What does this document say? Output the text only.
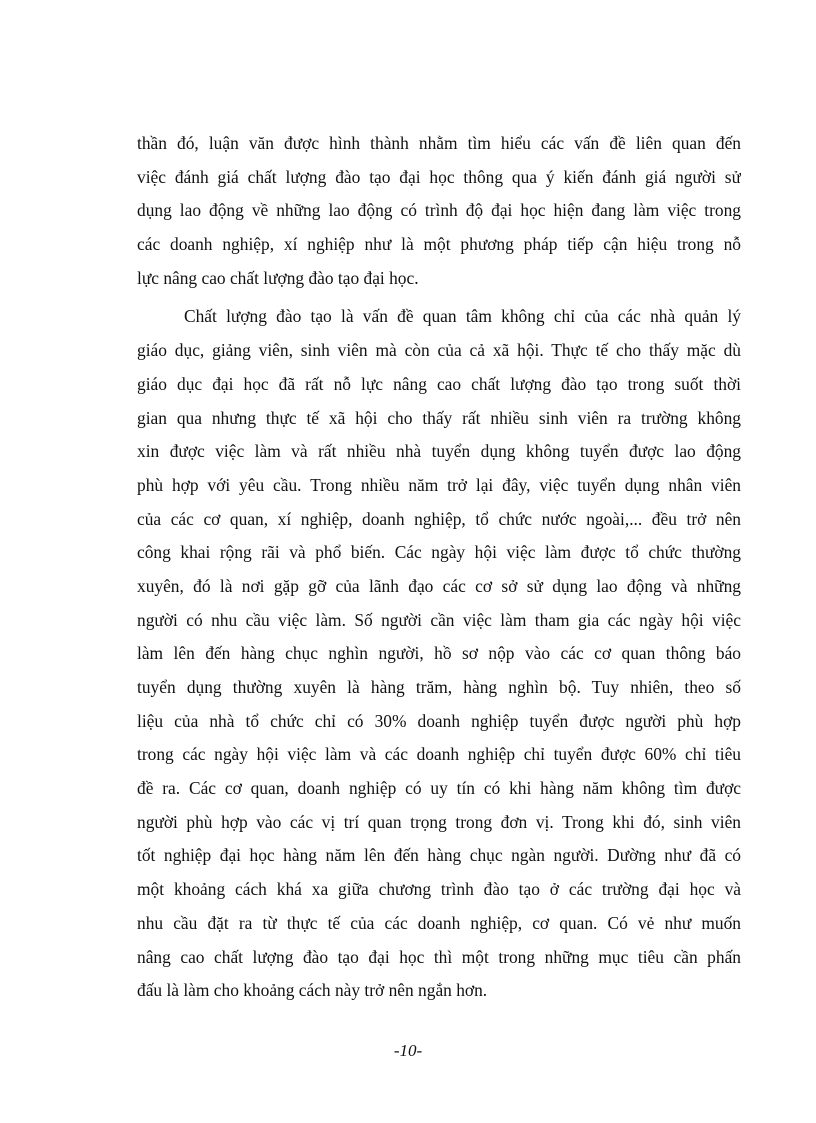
thần đó, luận văn được hình thành nhằm tìm hiểu các vấn đề liên quan đến
việc đánh giá chất lượng đào tạo đại học thông qua ý kiến đánh giá người sử
dụng lao động về những lao động có trình độ đại học hiện đang làm việc trong
các doanh nghiệp, xí nghiệp như là một phương pháp tiếp cận hiệu trong nỗ
lực nâng cao chất lượng đào tạo đại học.
Chất lượng đào tạo là vấn đề quan tâm không chỉ của các nhà quản lý
giáo dục, giảng viên, sinh viên mà còn của cả xã hội. Thực tế cho thấy mặc dù
giáo dục đại học đã rất nỗ lực nâng cao chất lượng đào tạo trong suốt thời
gian qua nhưng thực tế xã hội cho thấy rất nhiều sinh viên ra trường không
xin được việc làm và rất nhiều nhà tuyển dụng không tuyển được lao động
phù hợp với yêu cầu. Trong nhiều năm trở lại đây, việc tuyển dụng nhân viên
của các cơ quan, xí nghiệp, doanh nghiệp, tổ chức nước ngoài,... đều trở nên
công khai rộng rãi và phổ biến. Các ngày hội việc làm được tổ chức thường
xuyên, đó là nơi gặp gỡ của lãnh đạo các cơ sở sử dụng lao động và những
người có nhu cầu việc làm. Số người cần việc làm tham gia các ngày hội việc
làm lên đến hàng chục nghìn người, hồ sơ nộp vào các cơ quan thông báo
tuyển dụng thường xuyên là hàng trăm, hàng nghìn bộ. Tuy nhiên, theo số
liệu của nhà tổ chức chỉ có 30% doanh nghiệp tuyển được người phù hợp
trong các ngày hội việc làm và các doanh nghiệp chỉ tuyển được 60% chỉ tiêu
đề ra. Các cơ quan, doanh nghiệp có uy tín có khi hàng năm không tìm được
người phù hợp vào các vị trí quan trọng trong đơn vị. Trong khi đó, sinh viên
tốt nghiệp đại học hàng năm lên đến hàng chục ngàn người. Dường như đã có
một khoảng cách khá xa giữa chương trình đào tạo ở các trường đại học và
nhu cầu đặt ra từ thực tế của các doanh nghiệp, cơ quan. Có vẻ như muốn
nâng cao chất lượng đào tạo đại học thì một trong những mục tiêu cần phấn
đấu là làm cho khoảng cách này trở nên ngắn hơn.
-10-
